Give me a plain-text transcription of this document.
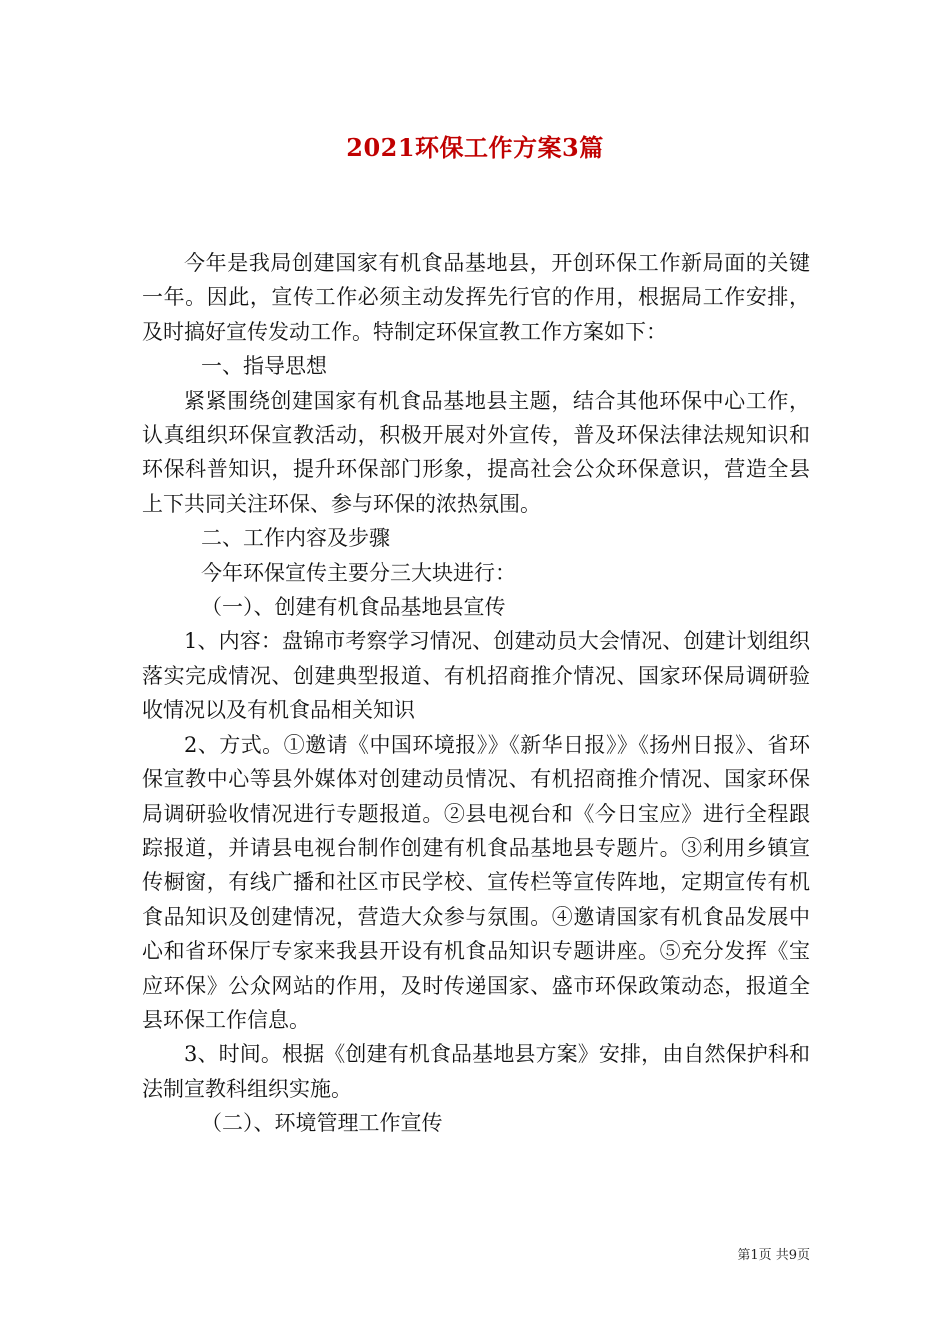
2021环保工作方案3篇

今年是我局创建国家有机食品基地县，开创环保工作新局面的关键一年。因此，宣传工作必须主动发挥先行官的作用，根据局工作安排，及时搞好宣传发动工作。特制定环保宣教工作方案如下：

一、指导思想

紧紧围绕创建国家有机食品基地县主题，结合其他环保中心工作，认真组织环保宣教活动，积极开展对外宣传，普及环保法律法规知识和环保科普知识，提升环保部门形象，提高社会公众环保意识，营造全县上下共同关注环保、参与环保的浓热氛围。

二、工作内容及步骤

今年环保宣传主要分三大块进行：

（一）、创建有机食品基地县宣传

1、内容：盘锦市考察学习情况、创建动员大会情况、创建计划组织落实完成情况、创建典型报道、有机招商推介情况、国家环保局调研验收情况以及有机食品相关知识

2、方式。①邀请《中国环境报》》《新华日报》》《扬州日报》、省环保宣教中心等县外媒体对创建动员情况、有机招商推介情况、国家环保局调研验收情况进行专题报道。②县电视台和《今日宝应》进行全程跟踪报道，并请县电视台制作创建有机食品基地县专题片。③利用乡镇宣传橱窗，有线广播和社区市民学校、宣传栏等宣传阵地，定期宣传有机食品知识及创建情况，营造大众参与氛围。④邀请国家有机食品发展中心和省环保厅专家来我县开设有机食品知识专题讲座。⑤充分发挥《宝应环保》公众网站的作用，及时传递国家、盛市环保政策动态，报道全县环保工作信息。

3、时间。根据《创建有机食品基地县方案》安排，由自然保护科和法制宣教科组织实施。

（二）、环境管理工作宣传

第1页 共9页
